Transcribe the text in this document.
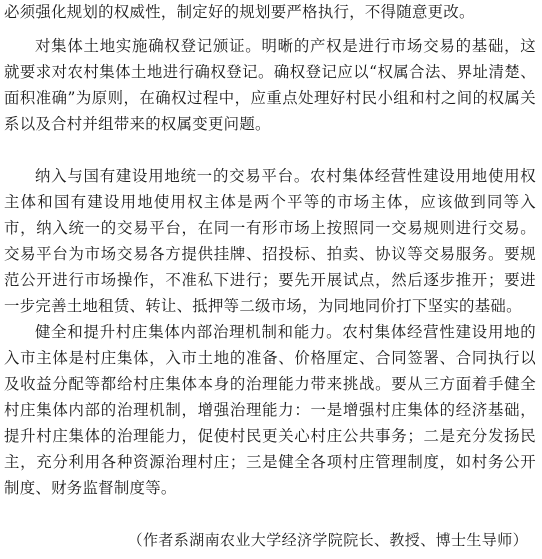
必须强化规划的权威性，制定好的规划要严格执行，不得随意更改。

对集体土地实施确权登记颁证。明晰的产权是进行市场交易的基础，这就要求对农村集体土地进行确权登记。确权登记应以“权属合法、界址清楚、面积准确”为原则，在确权过程中，应重点处理好村民小组和村之间的权属关系以及合村并组带来的权属变更问题。

纳入与国有建设用地统一的交易平台。农村集体经营性建设用地使用权主体和国有建设用地使用权主体是两个平等的市场主体，应该做到同等入市，纳入统一的交易平台，在同一有形市场上按照同一交易规则进行交易。交易平台为市场交易各方提供挂牌、招投标、拍卖、协议等交易服务。要规范公开进行市场操作，不准私下进行；要先开展试点，然后逐步推开；要进一步完善土地租赁、转让、抵押等二级市场，为同地同价打下坚实的基础。

健全和提升村庄集体内部治理机制和能力。农村集体经营性建设用地的入市主体是村庄集体，入市土地的准备、价格厘定、合同签署、合同执行以及收益分配等都给村庄集体本身的治理能力带来挑战。要从三方面着手健全村庄集体内部的治理机制，增强治理能力：一是增强村庄集体的经济基础，提升村庄集体的治理能力，促使村民更关心村庄公共事务；二是充分发扬民主，充分利用各种资源治理村庄；三是健全各项村庄管理制度，如村务公开制度、财务监督制度等。

（作者系湖南农业大学经济学院院长、教授、博士生导师）
